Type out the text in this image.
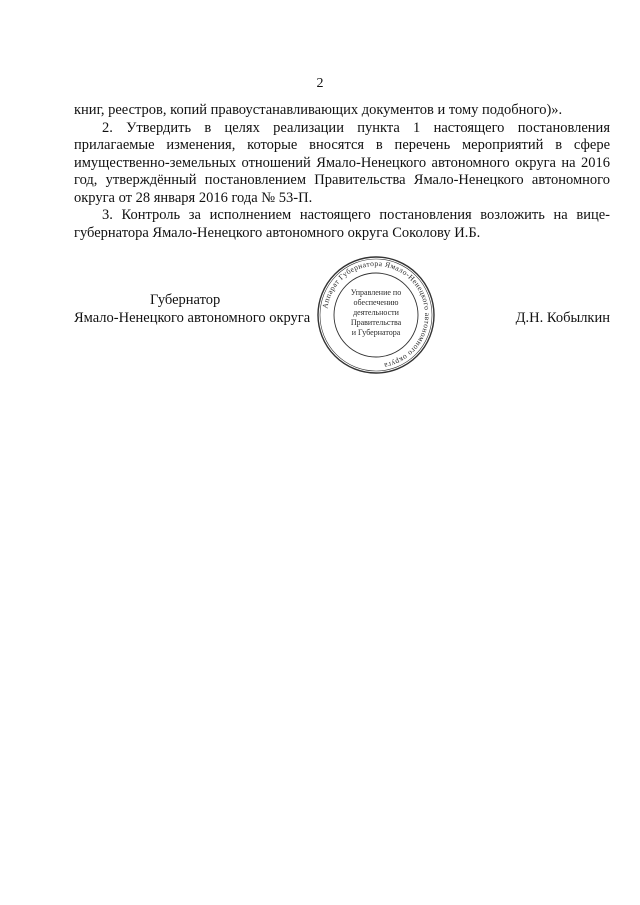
2

книг, реестров, копий правоустанавливающих документов и тому подобного)».

2. Утвердить в целях реализации пункта 1 настоящего постановления прилагаемые изменения, которые вносятся в перечень мероприятий в сфере имущественно-земельных отношений Ямало-Ненецкого автономного округа на 2016 год, утверждённый постановлением Правительства Ямало-Ненецкого автономного округа от 28 января 2016 года № 53-П.

3. Контроль за исполнением настоящего постановления возложить на вице-губернатора Ямало-Ненецкого автономного округа Соколову И.Б.

Губернатор
Ямало-Ненецкого автономного округа	Д.Н. Кобылкин
Аппарат Губернатора Ямало-Ненецкого автономного округа
Управление по
обеспечению
деятельности
Правительства
и Губернатора
